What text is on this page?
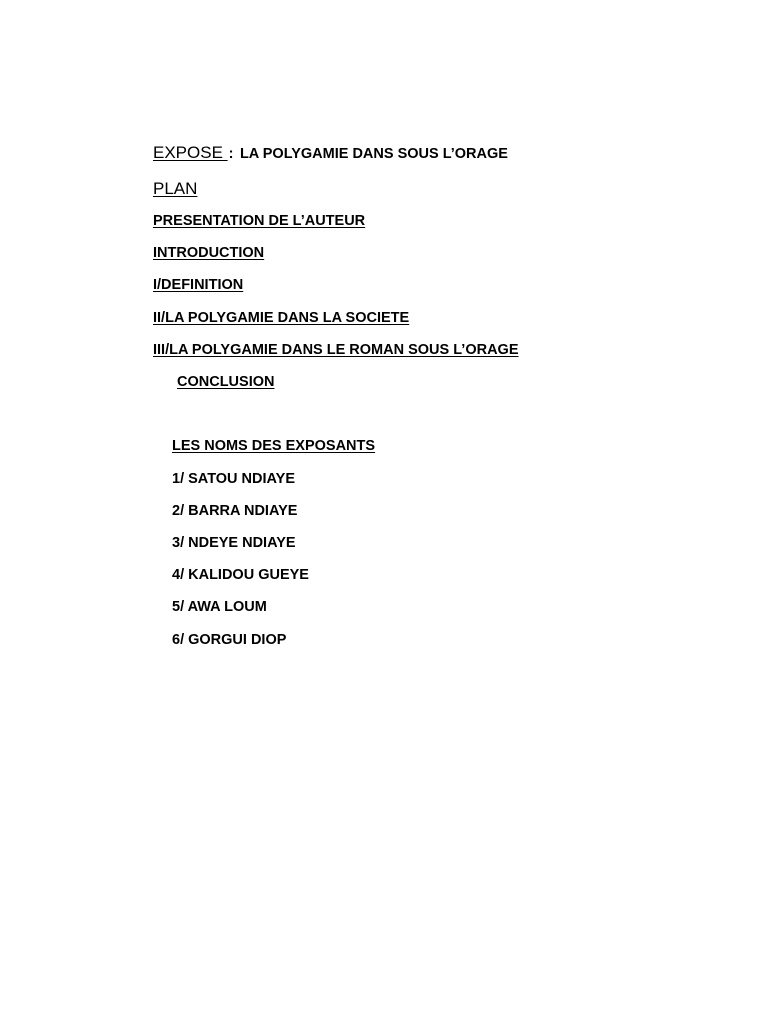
EXPOSE : LA POLYGAMIE DANS SOUS L’ORAGE
PLAN
PRESENTATION DE L’AUTEUR
INTRODUCTION
I/DEFINITION
II/LA POLYGAMIE DANS LA SOCIETE
III/LA POLYGAMIE DANS LE ROMAN SOUS L’ORAGE
CONCLUSION
LES NOMS DES EXPOSANTS
1/ SATOU NDIAYE
2/ BARRA NDIAYE
3/ NDEYE NDIAYE
4/ KALIDOU GUEYE
5/ AWA LOUM
6/ GORGUI DIOP
